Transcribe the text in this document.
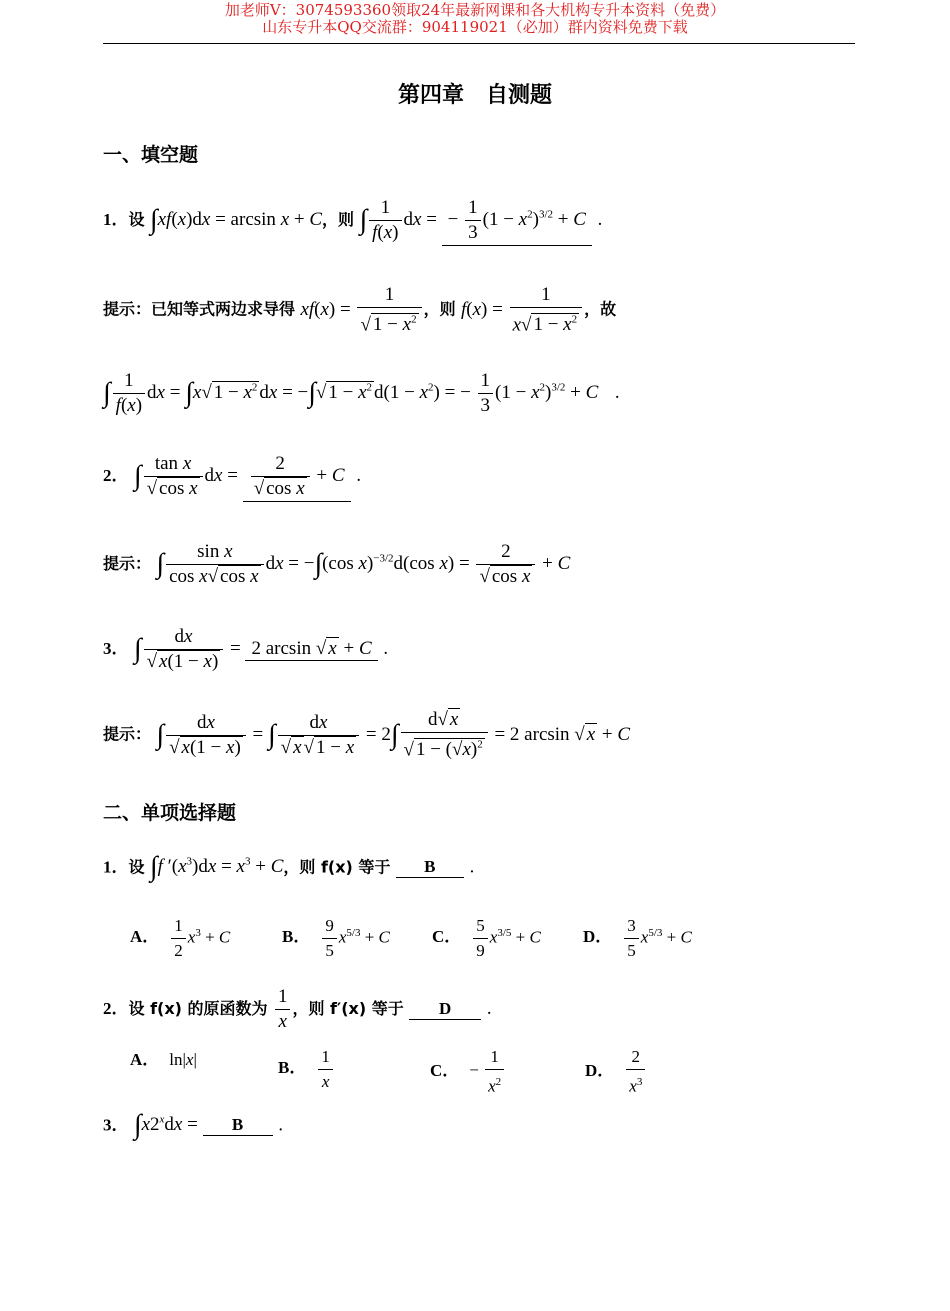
加老师V：3074593360领取24年最新网课和各大机构专升本资料（免费）
山东专升本QQ交流群：904119021（必加）群内资料免费下载
第四章　自测题
一、填空题
1．设 ∫xf(x)dx = arcsin x + C，则 ∫ $\frac{1}{f(x)}$ dx = − $\frac{1}{3} (1 - x^2)^{3/2} + C$ .
提示：已知等式两边求导得 $xf(x) = \frac{1}{√ 1 - x^2}$ ，则 $f(x) = \frac{1}{x√ 1 - x^2}$ ，故
∫ $\frac{1}{f(x)}$ dx = ∫x√ $1 - x^2$ dx = −∫√ $1 - x^2$ $d(1 - x^2)$ = − $\frac{1}{3} (1 - x^2)^{3/2} + C$   .
2． ∫ $\frac{\text{tan x}}{\text{√ cos x}}$ dx = $\frac{2}{\text{√ cos x}} + C$ .
提示： ∫ $\frac{\text{sin x}}{\text{cos x√ cos x}}$ dx = −∫(cos x)$^{-3/2}$d(cos $x) = \frac{2}{\text{√ cos x}} + C$
3． ∫ $\frac{dx}{√ x(1 - x)} = 2$ arcsin √ x + C .
提示： ∫ $\frac{dx}{√ x(1 - x)}$ = ∫ $\frac{dx}{√ x √ 1 - x} = 2\int \frac{d√ x}{√ 1 - (√x)^2} = 2$ arcsin √ x + C
二、单项选择题
1．设 ∫f $'(x^3)dx = x^3 + C$，则 f(x) 等于 B .
A． $\frac{1}{2} x^3 + C$	B． $\frac{9}{5} x^{5/3} + C$ C． $\frac{5}{9} x^{3/5} + C$ D． $\frac{3}{5} x^{5/3} + C$
2．设 f(x) 的原函数为 $\frac{1}{x}$ ，则 f′(x) 等于 D .
A． ln|x|	B． $\frac{1}{x}$	C． − $\frac{1}{x^2}$	D． $\frac{2}{x^3}$
3． $\int x2^xdx = B$ .
